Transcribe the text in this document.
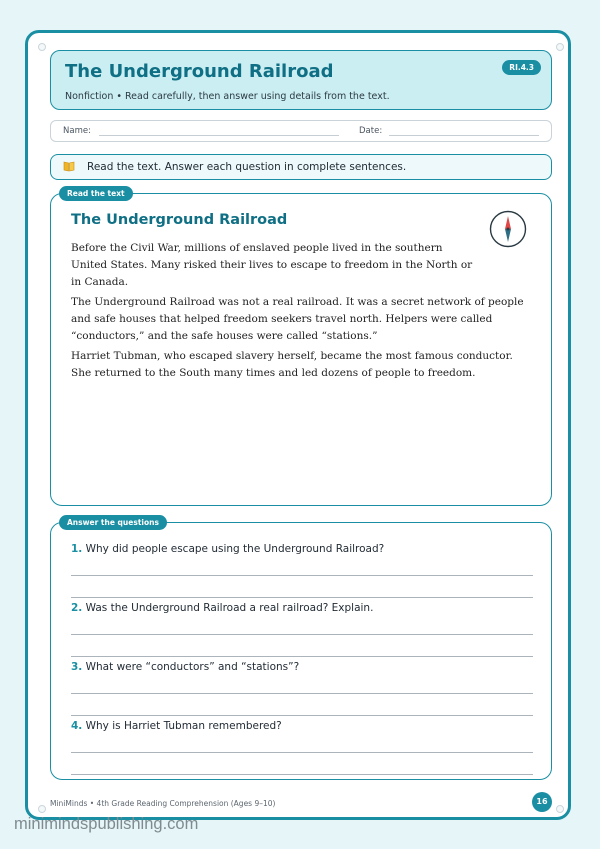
The Underground Railroad
Nonfiction • Read carefully, then answer using details from the text.
RI.4.3
Name:	Date:
Read the text. Answer each question in complete sentences.
Read the text
The Underground Railroad

Before the Civil War, millions of enslaved people lived in the southern United States. Many risked their lives to escape to freedom in the North or in Canada.

The Underground Railroad was not a real railroad. It was a secret network of people and safe houses that helped freedom seekers travel north. Helpers were called “conductors,” and the safe houses were called “stations.”

Harriet Tubman, who escaped slavery herself, became the most famous conductor. She returned to the South many times and led dozens of people to freedom.

Answer the questions
1. Why did people escape using the Underground Railroad?
2. Was the Underground Railroad a real railroad? Explain.
3. What were “conductors” and “stations”?
4. Why is Harriet Tubman remembered?
MiniMinds • 4th Grade Reading Comprehension (Ages 9–10)	16
minimindspublishing.com
